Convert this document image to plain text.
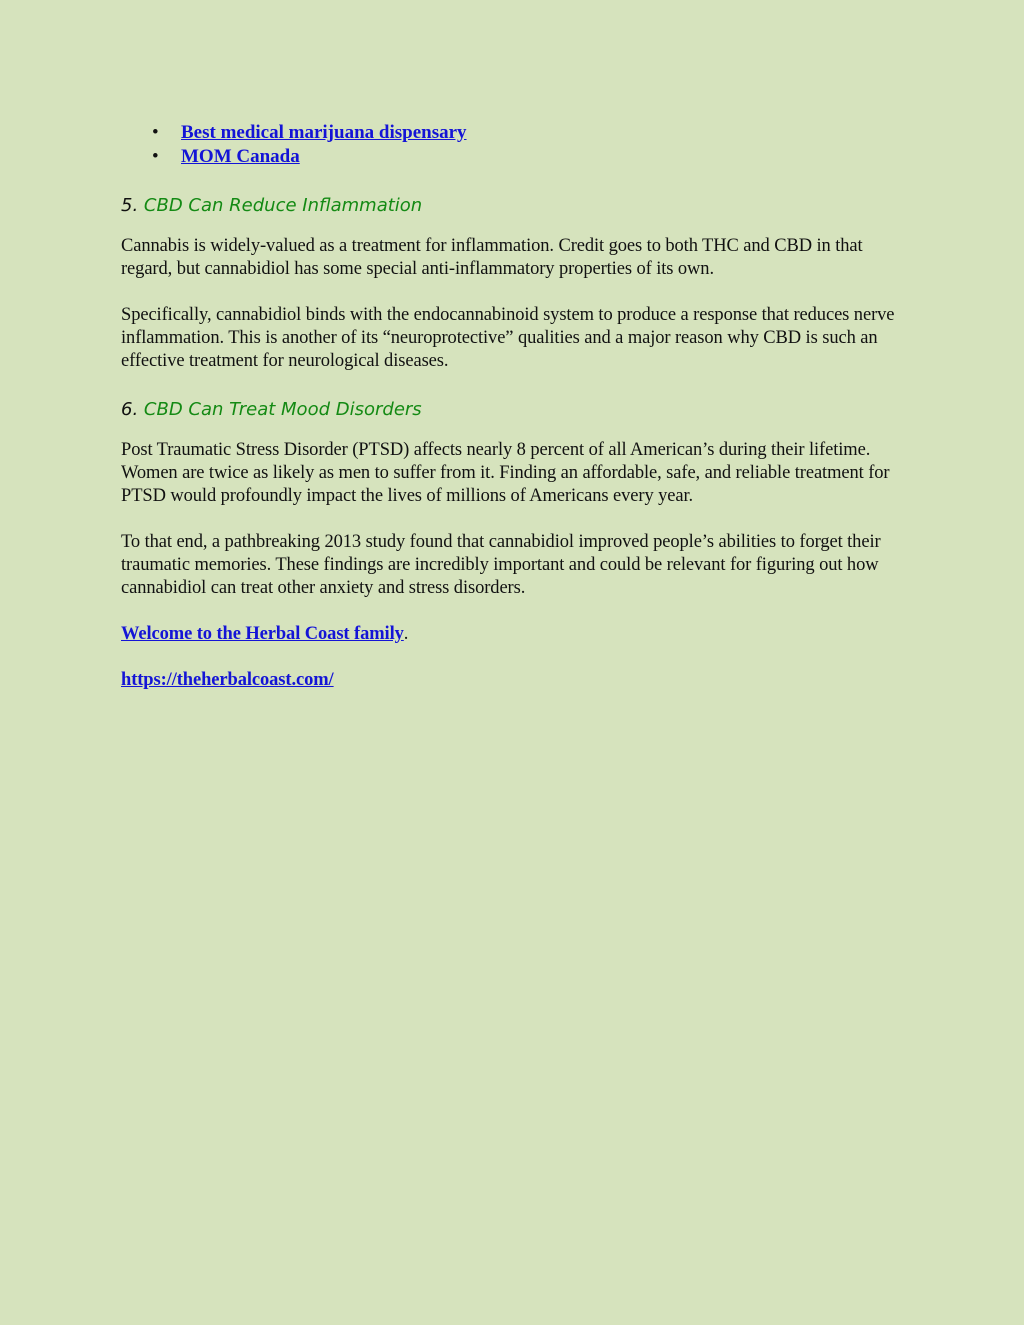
• Best medical marijuana dispensary
• MOM Canada
5. CBD Can Reduce Inflammation

Cannabis is widely-valued as a treatment for inflammation. Credit goes to both THC and CBD in that regard, but cannabidiol has some special anti-inflammatory properties of its own.

Specifically, cannabidiol binds with the endocannabinoid system to produce a response that reduces nerve inflammation. This is another of its “neuroprotective” qualities and a major reason why CBD is such an effective treatment for neurological diseases.

6. CBD Can Treat Mood Disorders

Post Traumatic Stress Disorder (PTSD) affects nearly 8 percent of all American’s during their lifetime. Women are twice as likely as men to suffer from it. Finding an affordable, safe, and reliable treatment for PTSD would profoundly impact the lives of millions of Americans every year.

To that end, a pathbreaking 2013 study found that cannabidiol improved people’s abilities to forget their traumatic memories. These findings are incredibly important and could be relevant for figuring out how cannabidiol can treat other anxiety and stress disorders.

Welcome to the Herbal Coast family.

https://theherbalcoast.com/
